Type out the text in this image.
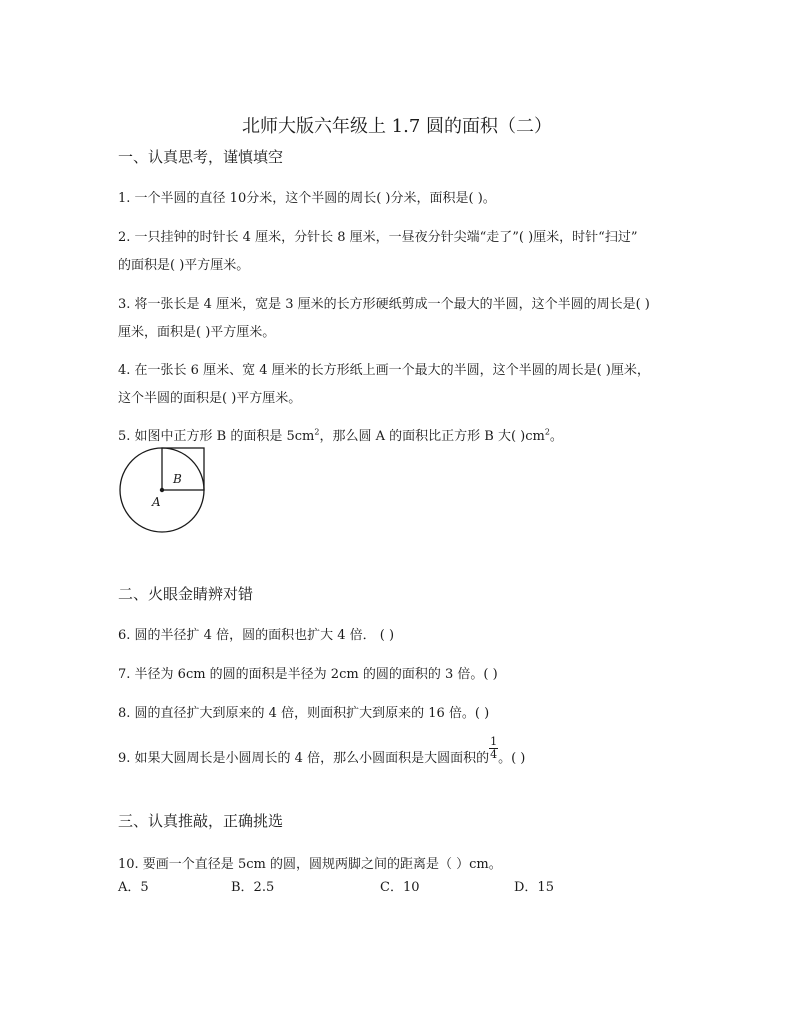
北师大版六年级上 1.7 圆的面积（二）
一、认真思考，谨慎填空
1. 一个半圆的直径 10分米，这个半圆的周长( )分米，面积是( )。
2. 一只挂钟的时针长 4 厘米，分针长 8 厘米，一昼夜分针尖端“走了”( )厘米，时针“扫过”
的面积是( )平方厘米。
3. 将一张长是 4 厘米，宽是 3 厘米的长方形硬纸剪成一个最大的半圆，这个半圆的周长是( )
厘米，面积是( )平方厘米。
4. 在一张长 6 厘米、宽 4 厘米的长方形纸上画一个最大的半圆，这个半圆的周长是( )厘米，
这个半圆的面积是( )平方厘米。
5. 如图中正方形 B 的面积是 $5cm^2$，那么圆 A 的面积比正方形 B 大( )$cm^2$。
B
A
二、火眼金睛辨对错
6. 圆的半径扩 4 倍，圆的面积也扩大 4 倍． ( )
7. 半径为 6cm 的圆的面积是半径为 2cm 的圆的面积的 3 倍。( )
8. 圆的直径扩大到原来的 4 倍，则面积扩大到原来的 16 倍。( )
9. 如果大圆周长是小圆周长的 4 倍，那么小圆面积是大圆面积的 $\frac{1}{4}$ 。( )
三、认真推敲，正确挑选
10. 要画一个直径是 5cm 的圆，圆规两脚之间的距离是（ ）cm。
A．5	B．2.5	C．10	D．15
